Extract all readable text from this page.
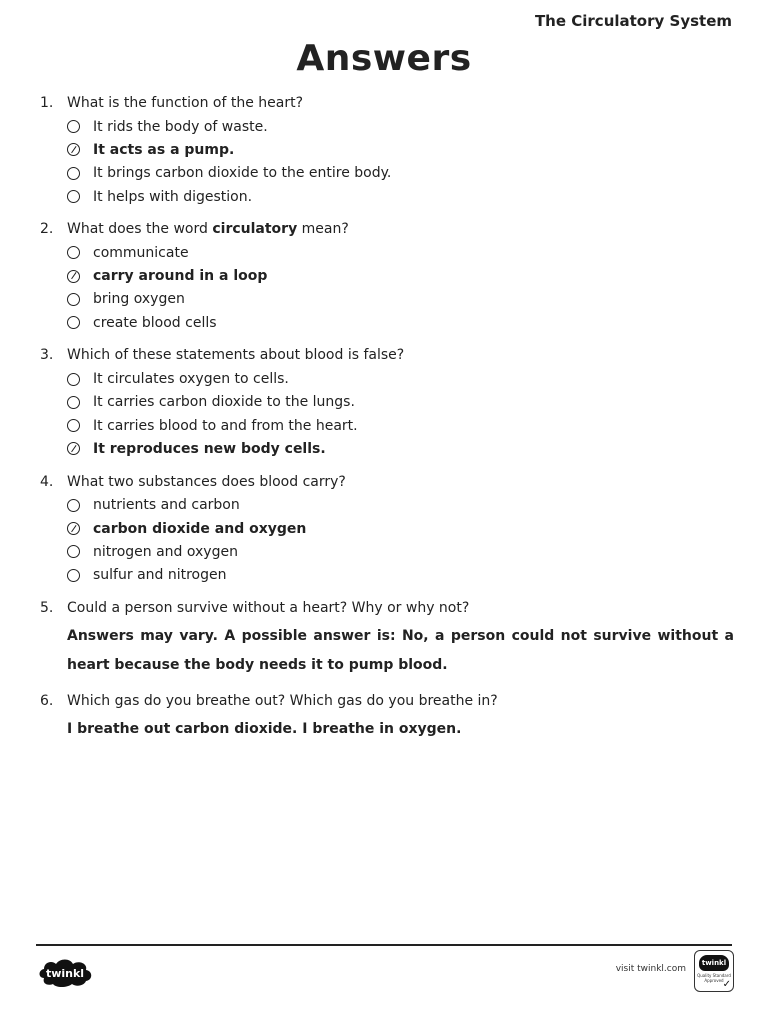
The Circulatory System
Answers
1. What is the function of the heart?
It rids the body of waste.
It acts as a pump.
It brings carbon dioxide to the entire body.
It helps with digestion.
2. What does the word circulatory mean?
communicate
carry around in a loop
bring oxygen
create blood cells
3. Which of these statements about blood is false?
It circulates oxygen to cells.
It carries carbon dioxide to the lungs.
It carries blood to and from the heart.
It reproduces new body cells.
4. What two substances does blood carry?
nutrients and carbon
carbon dioxide and oxygen
nitrogen and oxygen
sulfur and nitrogen
5. Could a person survive without a heart? Why or why not?
Answers may vary. A possible answer is: No, a person could not survive without a heart because the body needs it to pump blood.
6. Which gas do you breathe out? Which gas do you breathe in?
I breathe out carbon dioxide. I breathe in oxygen.
twinkl	visit twinkl.com
twinkl
Quality Standard Approved ✓
